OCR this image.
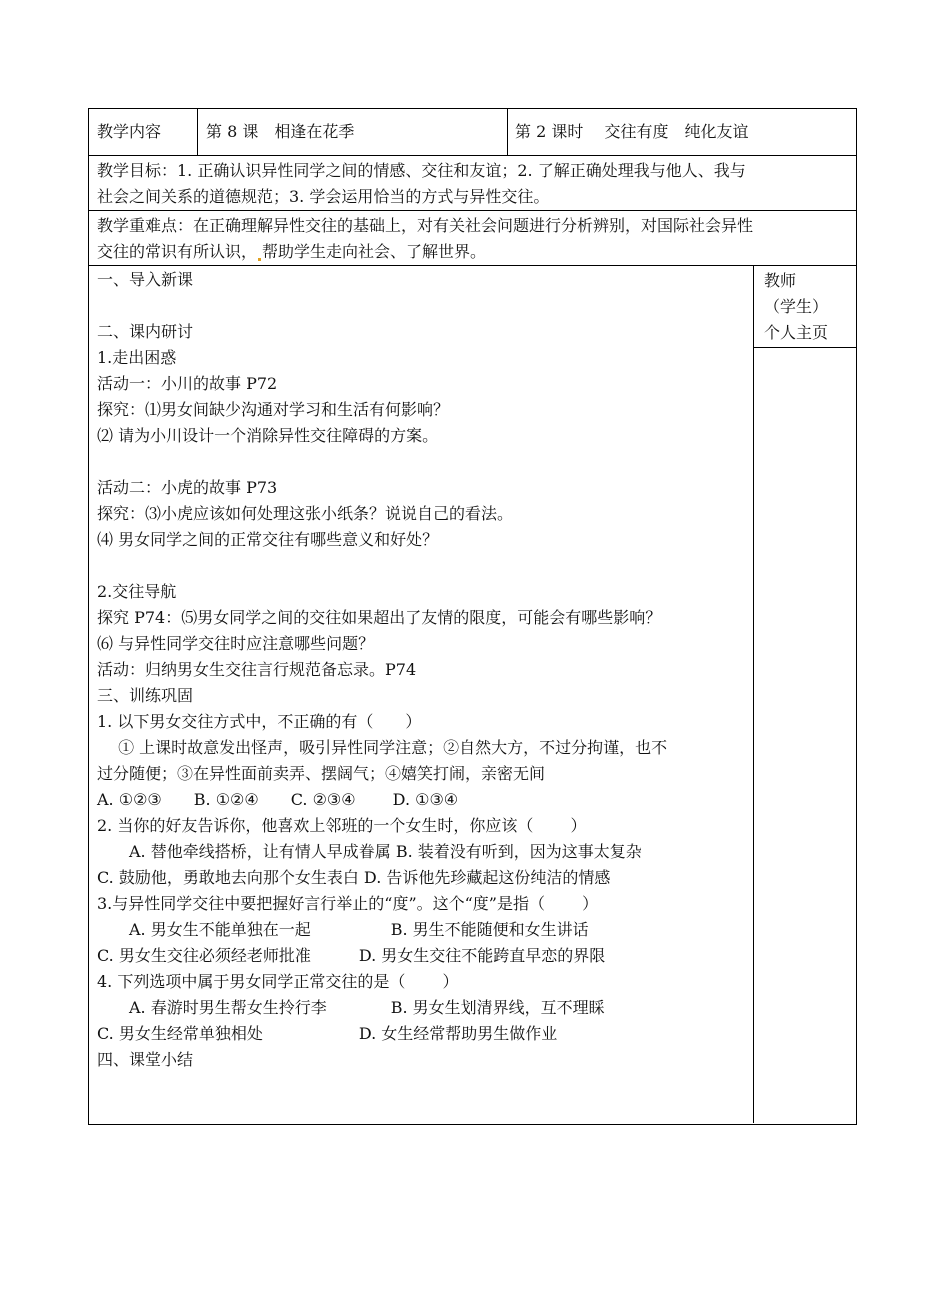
教学内容	第 8 课　相逢在花季	第 2 课时　 交往有度　纯化友谊
教学目标：1. 正确认识异性同学之间的情感、交往和友谊；2. 了解正确处理我与他人、我与
社会之间关系的道德规范；3. 学会运用恰当的方式与异性交往。
教学重难点：在正确理解异性交往的基础上，对有关社会问题进行分析辨别，对国际社会异性
交往的常识有所认识， 帮助学生走向社会、了解世界。
教师
（学生）
个人主页
一、导入新课
二、课内研讨
1.走出困惑
活动一：小川的故事 P72
探究：⑴男女间缺少沟通对学习和生活有何影响？
⑵ 请为小川设计一个消除异性交往障碍的方案。
活动二：小虎的故事 P73
探究：⑶小虎应该如何处理这张小纸条？说说自己的看法。
⑷ 男女同学之间的正常交往有哪些意义和好处？
2.交往导航
探究 P74：⑸男女同学之间的交往如果超出了友情的限度，可能会有哪些影响？
⑹ 与异性同学交往时应注意哪些问题？
活动：归纳男女生交往言行规范备忘录。P74
三、训练巩固
1. 以下男女交往方式中，不正确的有（　　）
　 ① 上课时故意发出怪声，吸引异性同学注意；②自然大方，不过分拘谨，也不
过分随便；③在异性面前卖弄、摆阔气；④嬉笑打闹，亲密无间
A. ①②③　　B. ①②④　　C. ②③④　　 D. ①③④
2. 当你的好友告诉你，他喜欢上邻班的一个女生时，你应该（　　 ）
　　A. 替他牵线搭桥，让有情人早成眷属 B. 装着没有听到，因为这事太复杂
C. 鼓励他，勇敢地去向那个女生表白 D. 告诉他先珍藏起这份纯洁的情感
3.与异性同学交往中要把握好言行举止的“度”。这个“度”是指（　　 ）
　　A. 男女生不能单独在一起　　　　　B. 男生不能随便和女生讲话
C. 男女生交往必须经老师批准　　　D. 男女生交往不能跨直早恋的界限
4. 下列选项中属于男女同学正常交往的是（　　 ）
　　A. 春游时男生帮女生拎行李　　　　B. 男女生划清界线，互不理睬
C. 男女生经常单独相处　　　　　　D. 女生经常帮助男生做作业
四、课堂小结
